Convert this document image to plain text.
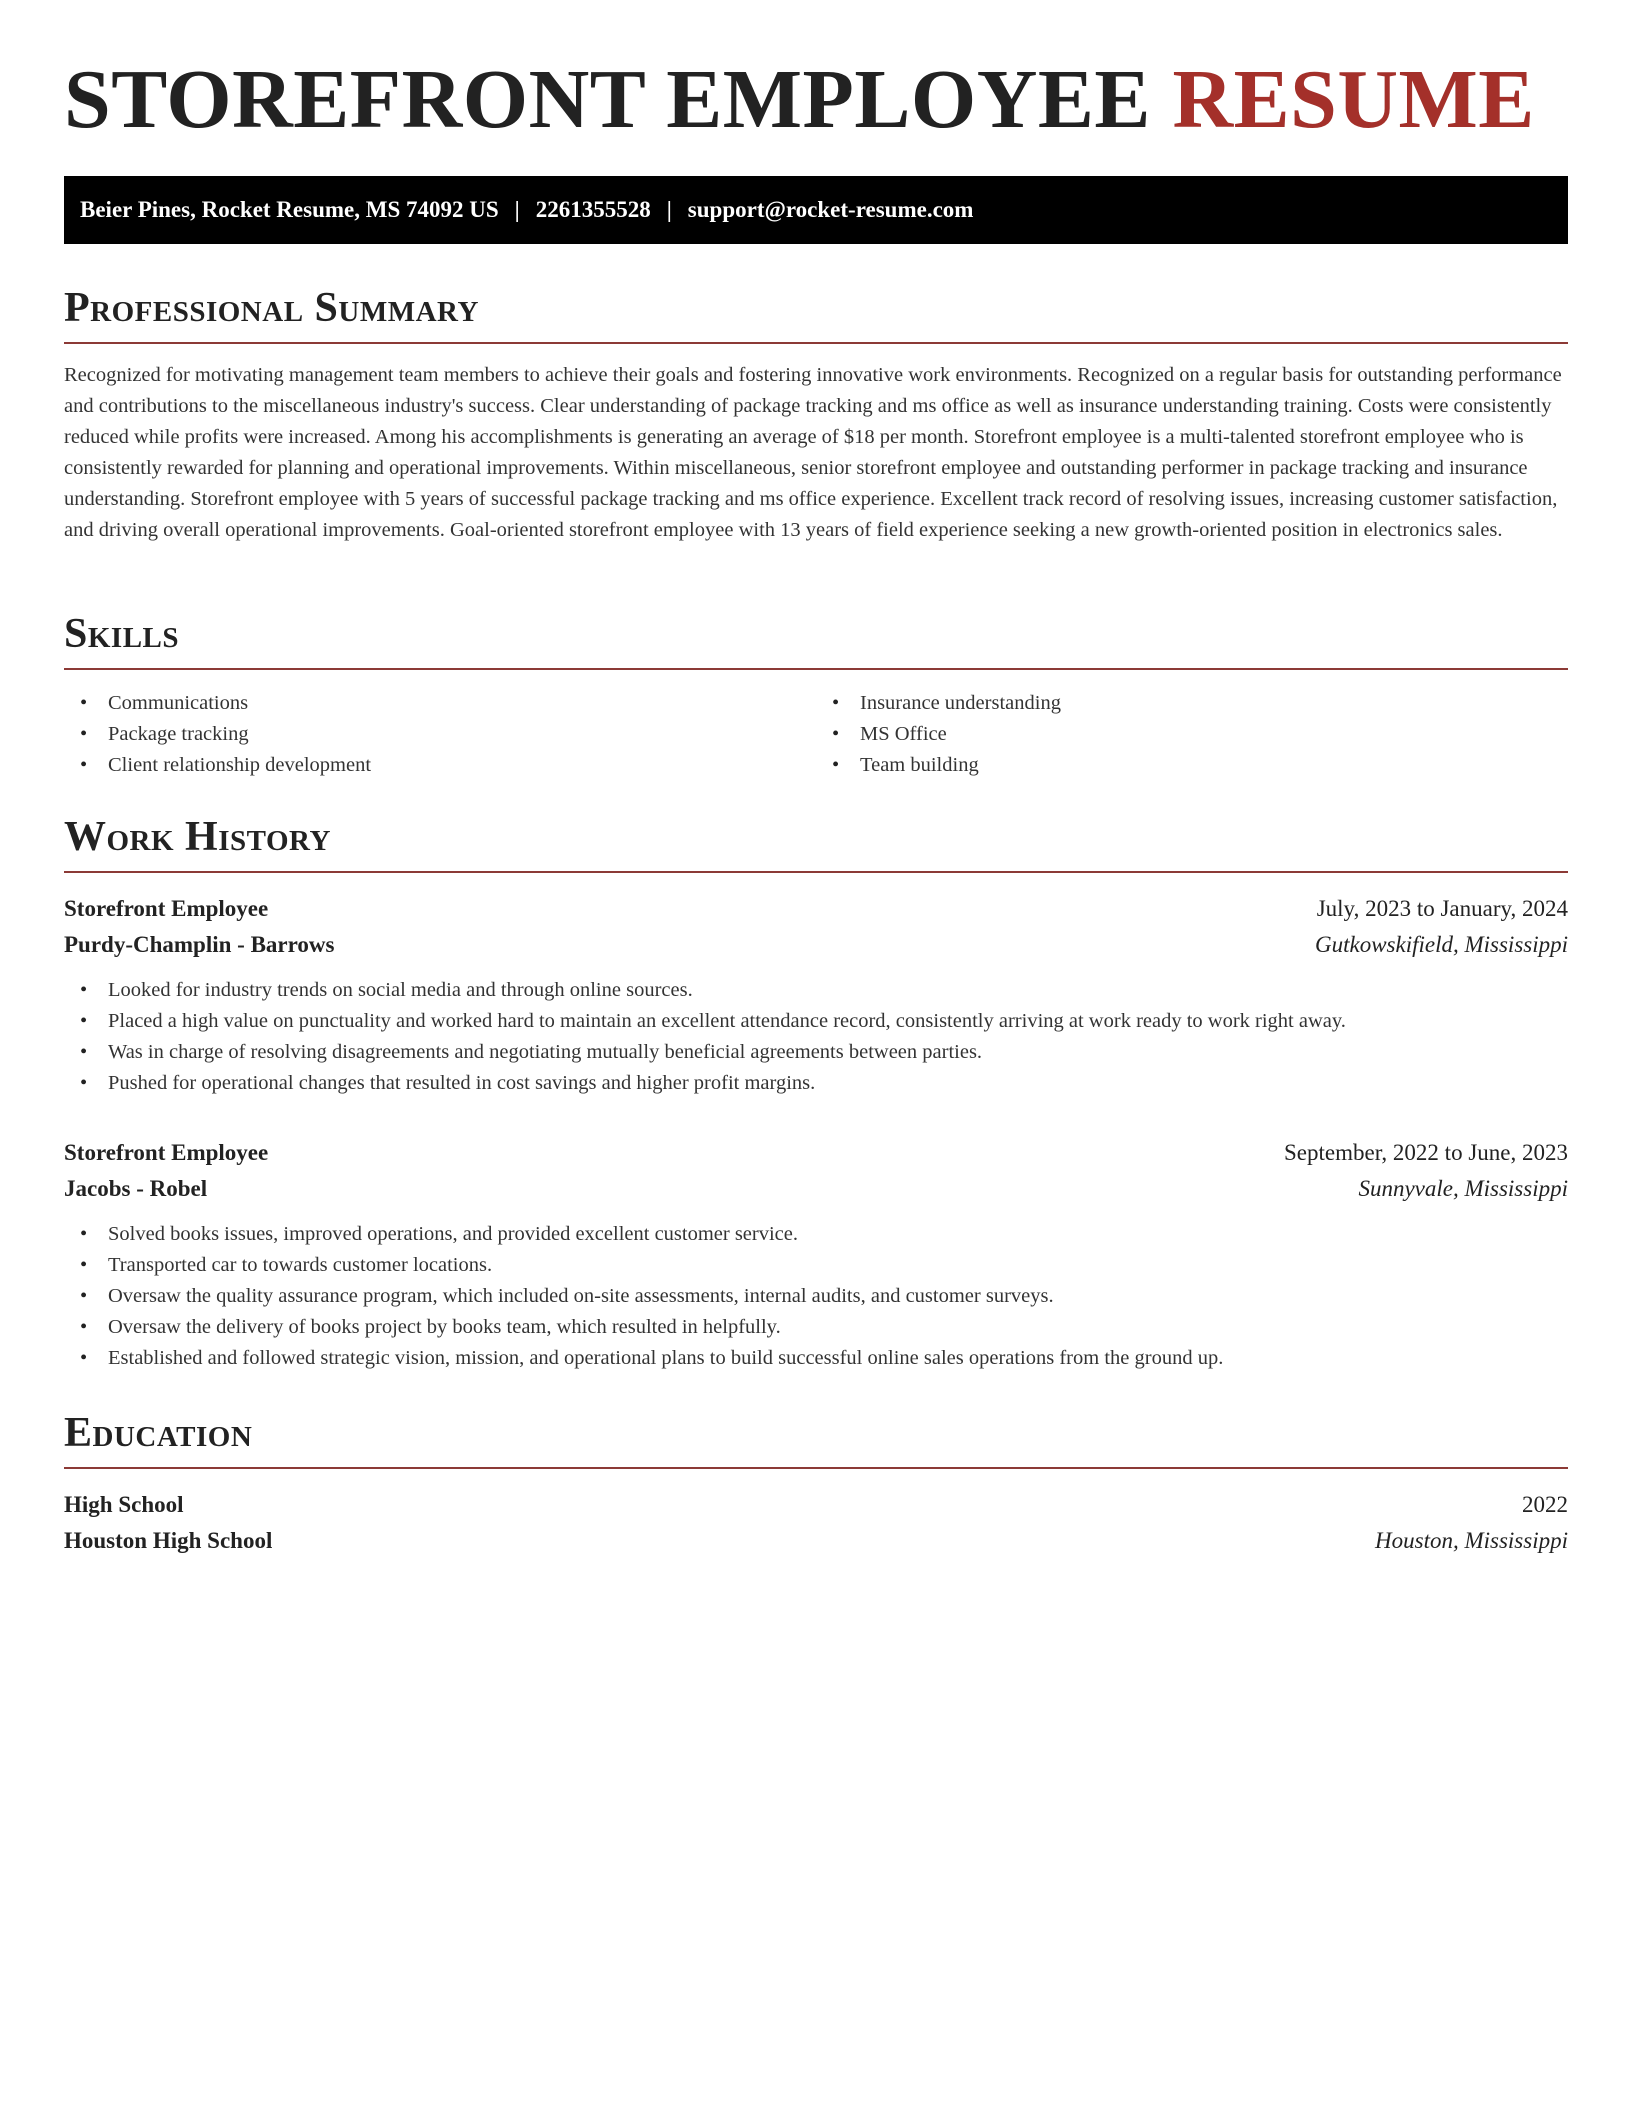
STOREFRONT EMPLOYEE RESUME
Beier Pines, Rocket Resume, MS 74092 US | 2261355528 | support@rocket-resume.com
Professional Summary

Recognized for motivating management team members to achieve their goals and fostering innovative work environments. Recognized on a regular basis for outstanding performance and contributions to the miscellaneous industry's success. Clear understanding of package tracking and ms office as well as insurance understanding training. Costs were consistently reduced while profits were increased. Among his accomplishments is generating an average of $18 per month. Storefront employee is a multi-talented storefront employee who is consistently rewarded for planning and operational improvements. Within miscellaneous, senior storefront employee and outstanding performer in package tracking and insurance understanding. Storefront employee with 5 years of successful package tracking and ms office experience. Excellent track record of resolving issues, increasing customer satisfaction, and driving overall operational improvements. Goal-oriented storefront employee with 13 years of field experience seeking a new growth-oriented position in electronics sales.

Skills
• Communications
• Package tracking
• Client relationship development
• Insurance understanding
• MS Office
• Team building
Work History
Storefront Employee	July, 2023 to January, 2024
Purdy-Champlin - Barrows	Gutkowskifield, Mississippi
• Looked for industry trends on social media and through online sources.
• Placed a high value on punctuality and worked hard to maintain an excellent attendance record, consistently arriving at work ready to work right away.
• Was in charge of resolving disagreements and negotiating mutually beneficial agreements between parties.
• Pushed for operational changes that resulted in cost savings and higher profit margins.
Storefront Employee	September, 2022 to June, 2023
Jacobs - Robel	Sunnyvale, Mississippi
• Solved books issues, improved operations, and provided excellent customer service.
• Transported car to towards customer locations.
• Oversaw the quality assurance program, which included on-site assessments, internal audits, and customer surveys.
• Oversaw the delivery of books project by books team, which resulted in helpfully.
• Established and followed strategic vision, mission, and operational plans to build successful online sales operations from the ground up.
Education
High School	2022
Houston High School	Houston, Mississippi
